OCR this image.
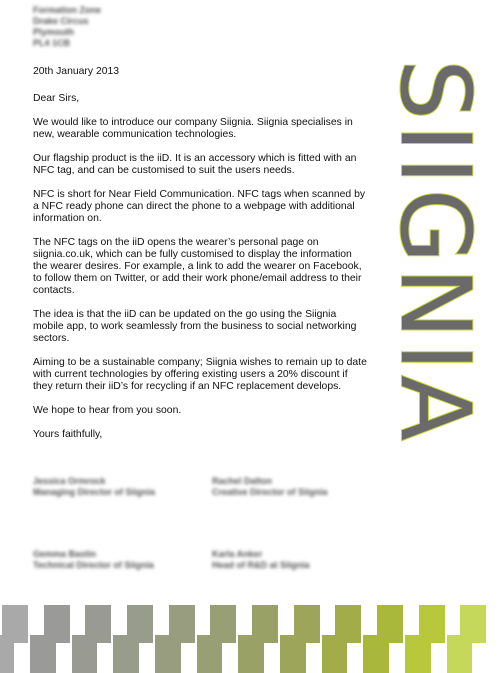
Formation Zone
Drake Circus
Plymouth
PL4 1CB

20th January 2013

Dear Sirs,

We would like to introduce our company Siignia. Siignia specialises in new, wearable communication technologies.

Our flagship product is the iiD. It is an accessory which is fitted with an NFC tag, and can be customised to suit the users needs.

NFC is short for Near Field Communication. NFC tags when scanned by a NFC ready phone can direct the phone to a webpage with additional information on.

The NFC tags on the iiD opens the wearer’s personal page on siignia.co.uk, which can be fully customised to display the information the wearer desires. For example, a link to add the wearer on Facebook, to follow them on Twitter, or add their work phone/email address to their contacts.

The idea is that the iiD can be updated on the go using the Siignia mobile app, to work seamlessly from the business to social networking sectors.

Aiming to be a sustainable company; Siignia wishes to remain up to date with current technologies by offering existing users a 20% discount if they return their iiD’s for recycling if an NFC replacement develops.

We hope to hear from you soon.

Yours faithfully,

Jessica Ormrock
Managing Director of Siignia
Rachel Dalton
Creative Director of Siignia
Gemma Bastin
Technical Director of Siignia
Karla Anker
Head of R&D at Siignia
SIIGNIA
